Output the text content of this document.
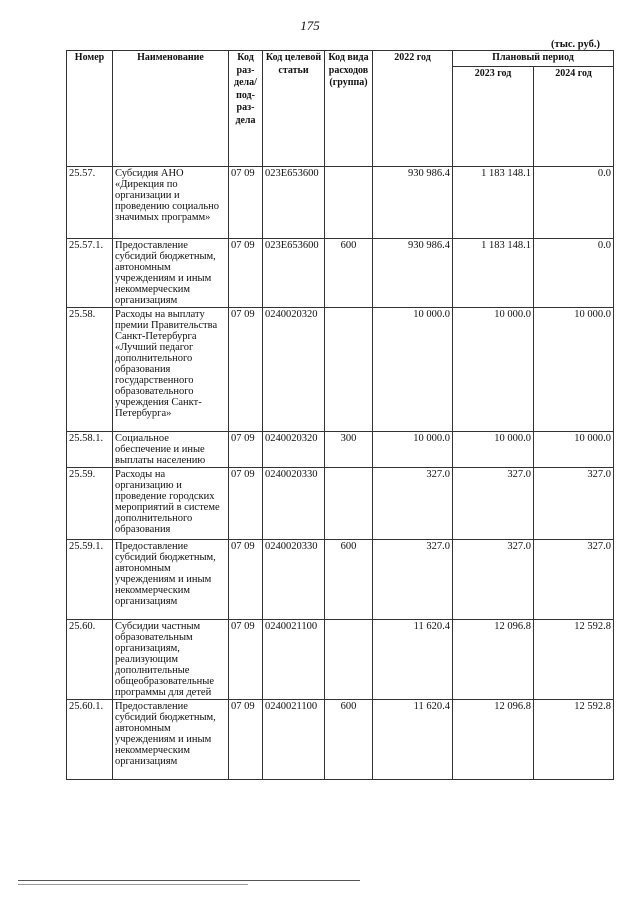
175
(тыс. руб.)
Номер	Наименование	Код раз-дела/ под-раз-дела	Код целевой статьи	Код вида расходов (группа)	2022 год	Плановый период	
						2023 год	2024 год
25.57.	Субсидия АНО «Дирекция по организации и проведению социально значимых программ»	07 09	023E653600		930 986.4	1 183 148.1	0.0
25.57.1.	Предоставление субсидий бюджетным, автономным учреждениям и иным некоммерческим организациям	07 09	023E653600	600	930 986.4	1 183 148.1	0.0
25.58.	Расходы на выплату премии Правительства Санкт-Петербурга «Лучший педагог дополнительного образования государственного образовательного учреждения Санкт-Петербурга»	07 09	0240020320		10 000.0	10 000.0	10 000.0
25.58.1.	Социальное обеспечение и иные выплаты населению	07 09	0240020320	300	10 000.0	10 000.0	10 000.0
25.59.	Расходы на организацию и проведение городских мероприятий в системе дополнительного образования	07 09	0240020330		327.0	327.0	327.0
25.59.1.	Предоставление субсидий бюджетным, автономным учреждениям и иным некоммерческим организациям	07 09	0240020330	600	327.0	327.0	327.0
25.60.	Субсидии частным образовательным организациям, реализующим дополнительные общеобразовательные программы для детей	07 09	0240021100		11 620.4	12 096.8	12 592.8
25.60.1.	Предоставление субсидий бюджетным, автономным учреждениям и иным некоммерческим организациям	07 09	0240021100	600	11 620.4	12 096.8	12 592.8
